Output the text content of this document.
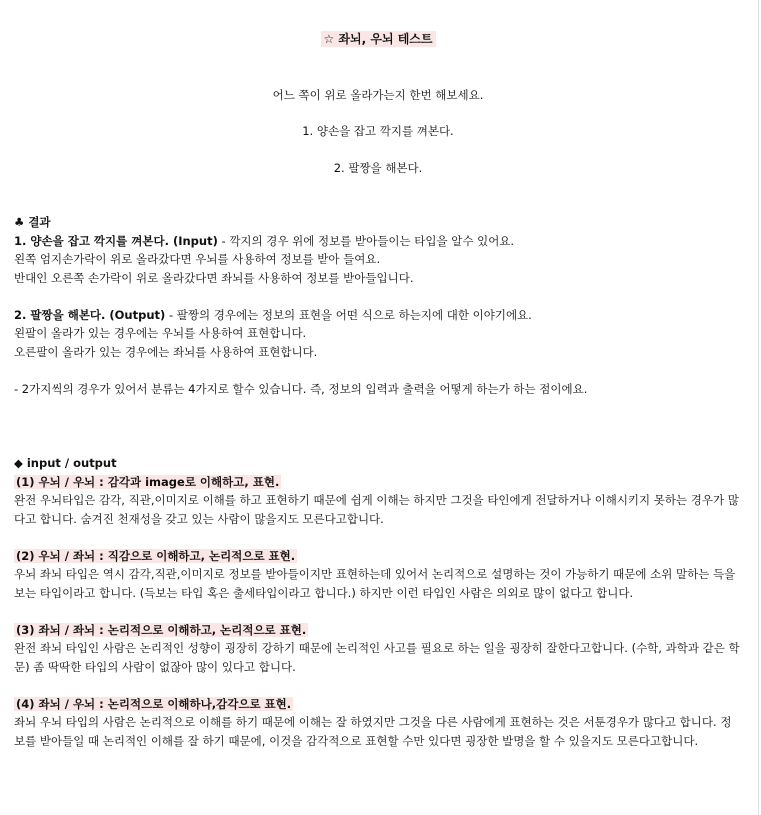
☆ 좌뇌, 우뇌 테스트
어느 쪽이 위로 올라가는지 한번 해보세요.
1. 양손을 잡고 깍지를 껴본다.
2. 팔짱을 해본다.

♣ 결과

1. 양손을 잡고 깍지를 껴본다. (Input) - 깍지의 경우 위에 정보를 받아들이는 타입을 알수 있어요.

왼쪽 엄지손가락이 위로 올라갔다면 우뇌를 사용하여 정보를 받아 들여요.

반대인 오른쪽 손가락이 위로 올라갔다면 좌뇌를 사용하여 정보를 받아들입니다.

2. 팔짱을 해본다. (Output) - 팔짱의 경우에는 정보의 표현을 어떤 식으로 하는지에 대한 이야기에요.

왼팔이 올라가 있는 경우에는 우뇌를 사용하여 표현합니다.

오른팔이 올라가 있는 경우에는 좌뇌를 사용하여 표현합니다.

- 2가지씩의 경우가 있어서 분류는 4가지로 할수 있습니다. 즉, 정보의 입력과 출력을 어떻게 하는가 하는 점이에요.

◆ input / output

(1) 우뇌 / 우뇌 : 감각과 image로 이해하고, 표현.

완전 우뇌타입은 감각, 직관,이미지로 이해를 하고 표현하기 때문에 쉽게 이해는 하지만 그것을 타인에게 전달하거나 이해시키지 못하는 경우가 많다고 합니다. 숨겨진 천재성을 갖고 있는 사람이 많을지도 모른다고합니다.

(2) 우뇌 / 좌뇌 : 직감으로 이해하고, 논리적으로 표현.

우뇌 좌뇌 타입은 역시 감각,직관,이미지로 정보를 받아들이지만 표현하는데 있어서 논리적으로 설명하는 것이 가능하기 때문에 소위 말하는 득을 보는 타입이라고 합니다. (득보는 타입 혹은 출세타입이라고 합니다.) 하지만 이런 타입인 사람은 의외로 많이 없다고 합니다.

(3) 좌뇌 / 좌뇌 : 논리적으로 이해하고, 논리적으로 표현.

완전 좌뇌 타입인 사람은 논리적인 성향이 굉장히 강하기 때문에 논리적인 사고를 필요로 하는 일을 굉장히 잘한다고합니다. (수학, 과학과 같은 학문) 좀 딱딱한 타입의 사람이 없잖아 많이 있다고 합니다.

(4) 좌뇌 / 우뇌 : 논리적으로 이해하나,감각으로 표현.

좌뇌 우뇌 타입의 사람은 논리적으로 이해를 하기 때문에 이해는 잘 하였지만 그것을 다른 사람에게 표현하는 것은 서툰경우가 많다고 합니다. 정보를 받아들일 때 논리적인 이해를 잘 하기 때문에, 이것을 감각적으로 표현할 수만 있다면 굉장한 발명을 할 수 있을지도 모른다고합니다.
